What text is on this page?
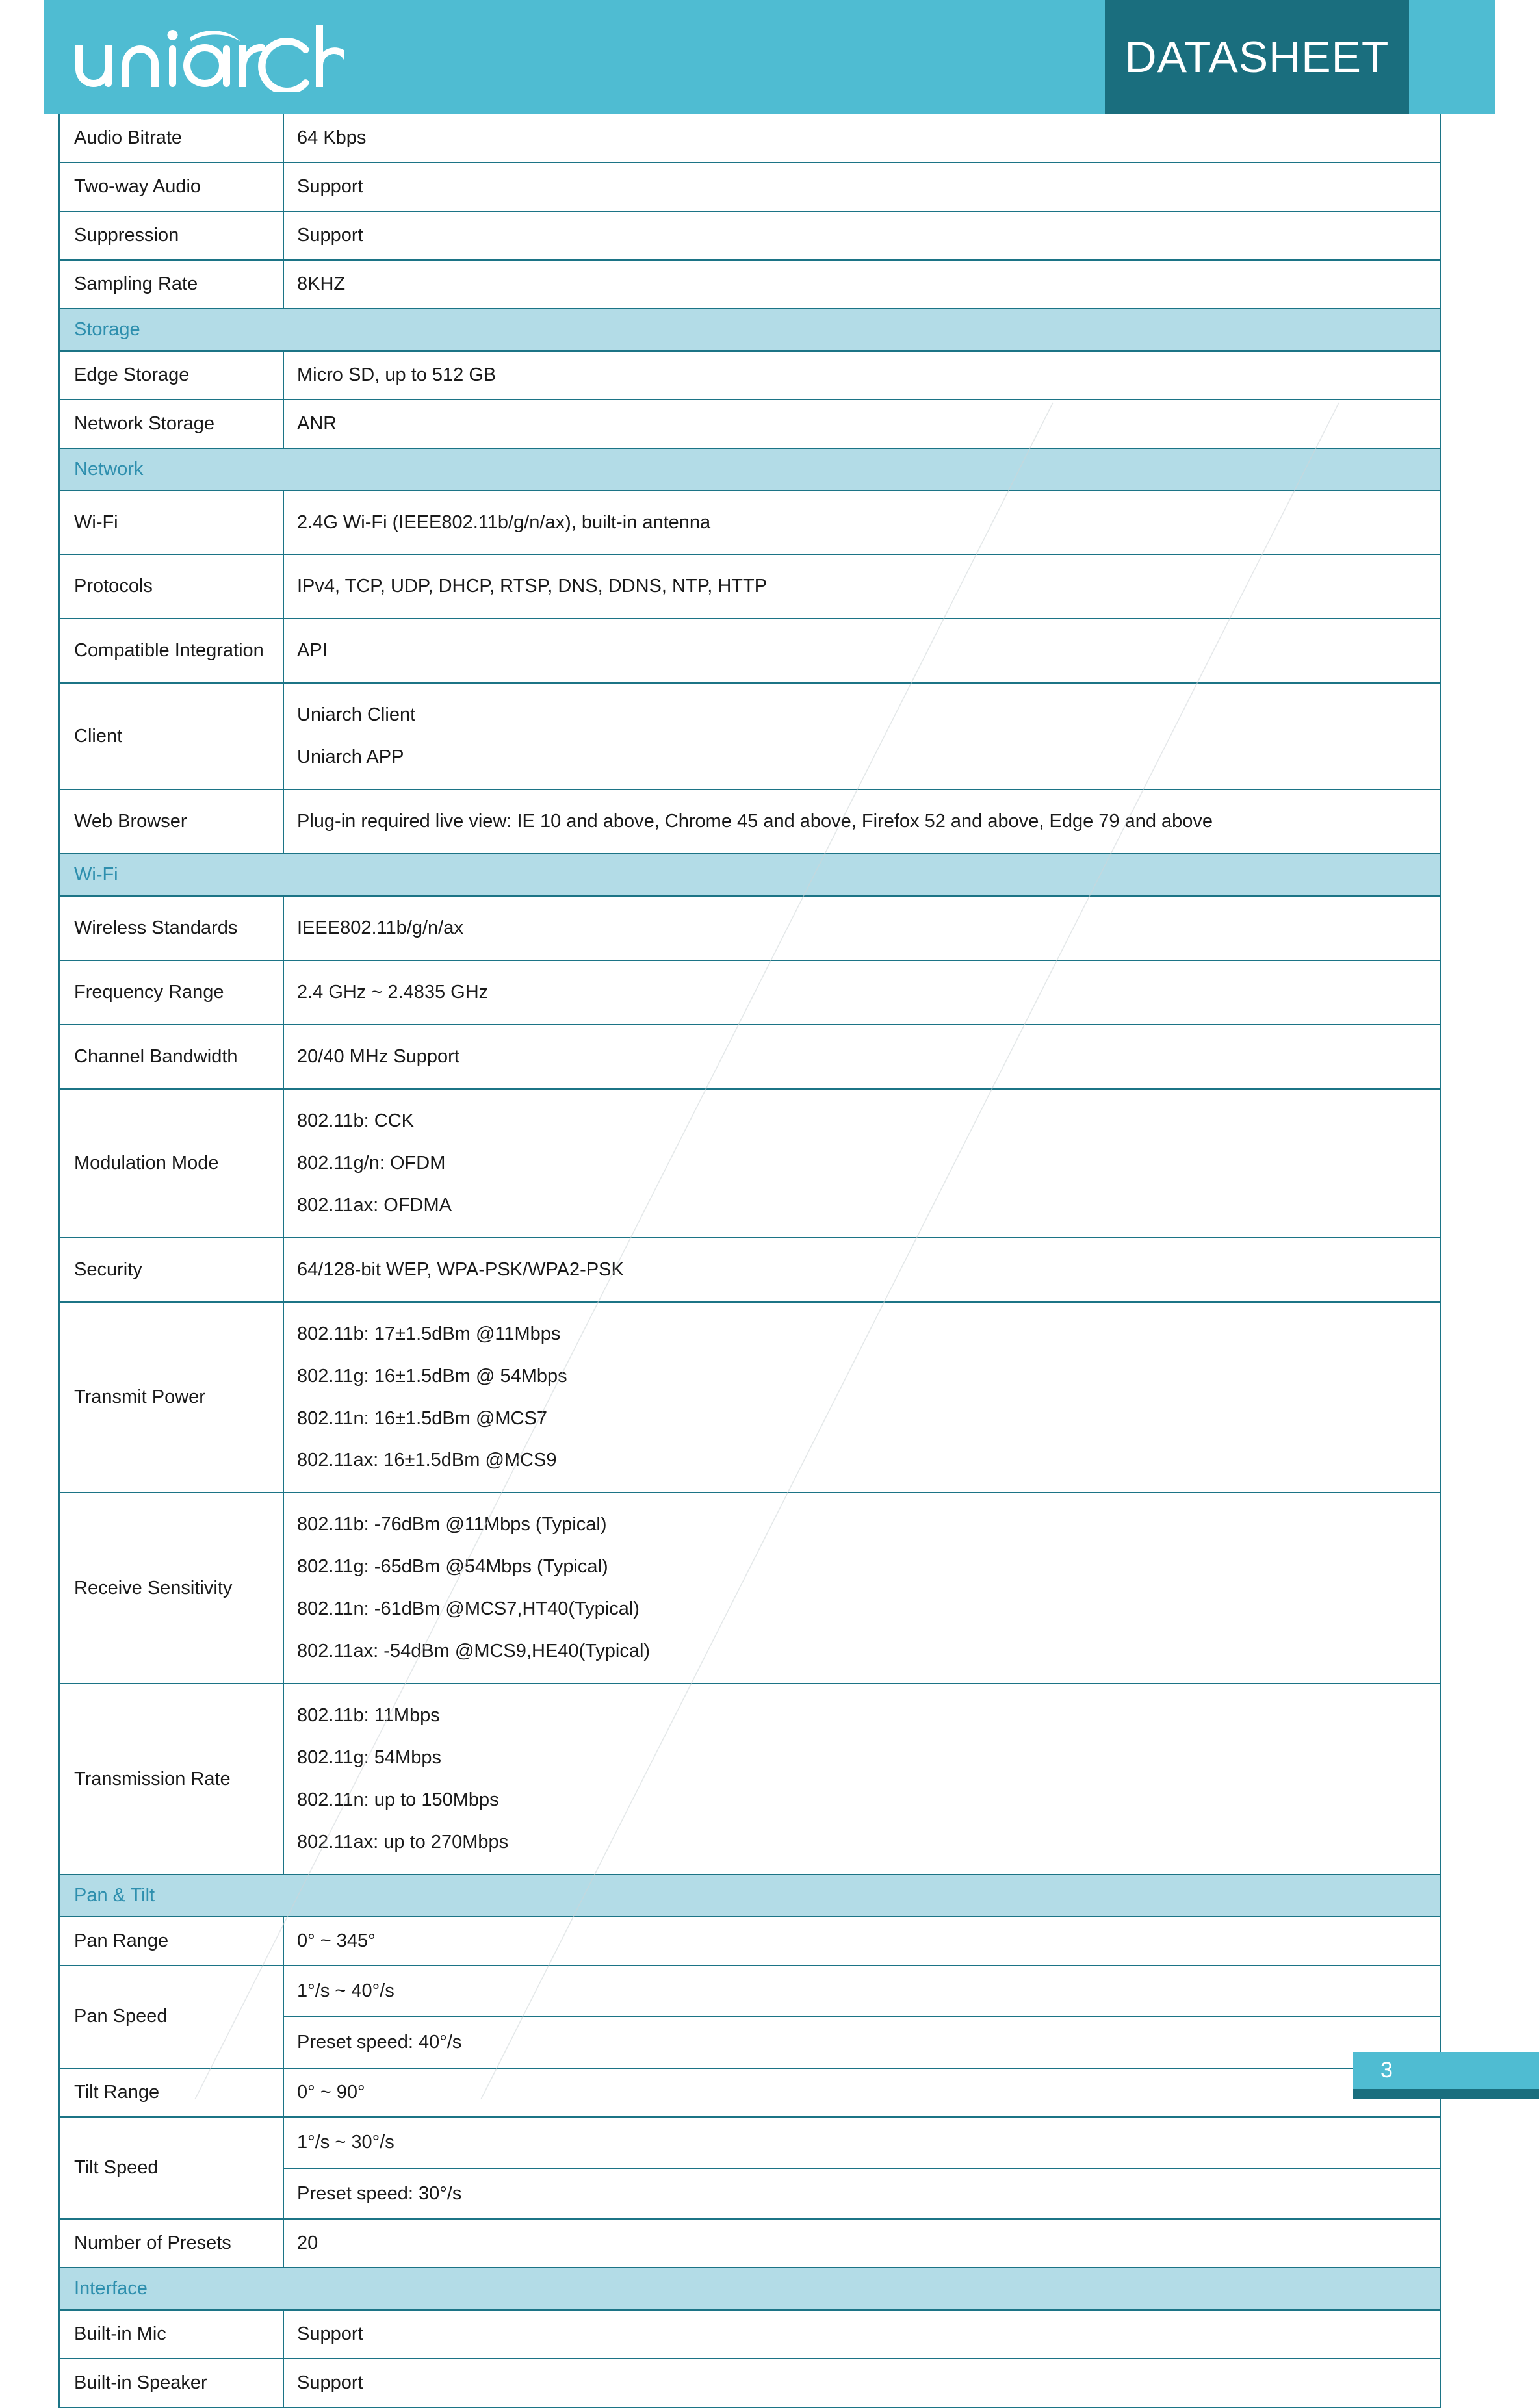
DATASHEET
Audio Bitrate	64 Kbps

Two-way Audio	Support

Suppression	Support

Sampling Rate	8KHZ

Storage	
Edge Storage	Micro SD, up to 512 GB

Network Storage	ANR

Network	
Wi-Fi	2.4G Wi-Fi (IEEE802.11b/g/n/ax), built-in antenna

Protocols	IPv4, TCP, UDP, DHCP, RTSP, DNS, DDNS, NTP, HTTP

Compatible Integration	API

Client	Uniarch Client
Uniarch APP

Web Browser	Plug-in required live view: IE 10 and above, Chrome 45 and above, Firefox 52 and above, Edge 79 and above

Wi-Fi	
Wireless Standards	IEEE802.11b/g/n/ax

Frequency Range	2.4 GHz ~ 2.4835 GHz

Channel Bandwidth	20/40 MHz Support

Modulation Mode	802.11b: CCK
802.11g/n: OFDM
802.11ax: OFDMA

Security	64/128-bit WEP, WPA-PSK/WPA2-PSK

Transmit Power	802.11b: 17±1.5dBm @11Mbps
802.11g: 16±1.5dBm @ 54Mbps
802.11n: 16±1.5dBm @MCS7
802.11ax: 16±1.5dBm @MCS9

Receive Sensitivity	802.11b: -76dBm @11Mbps (Typical)
802.11g: -65dBm @54Mbps (Typical)
802.11n: -61dBm @MCS7,HT40(Typical)
802.11ax: -54dBm @MCS9,HE40(Typical)

Transmission Rate	802.11b: 11Mbps
802.11g: 54Mbps
802.11n: up to 150Mbps
802.11ax: up to 270Mbps

Pan & Tilt	
Pan Range	0° ~ 345°

Pan Speed	1°/s ~ 40°/s
	Preset speed: 40°/s
Tilt Range	0° ~ 90°

Tilt Speed	1°/s ~ 30°/s
	Preset speed: 30°/s
Number of Presets	20

Interface	
Built-in Mic	Support

Built-in Speaker	Support
3
